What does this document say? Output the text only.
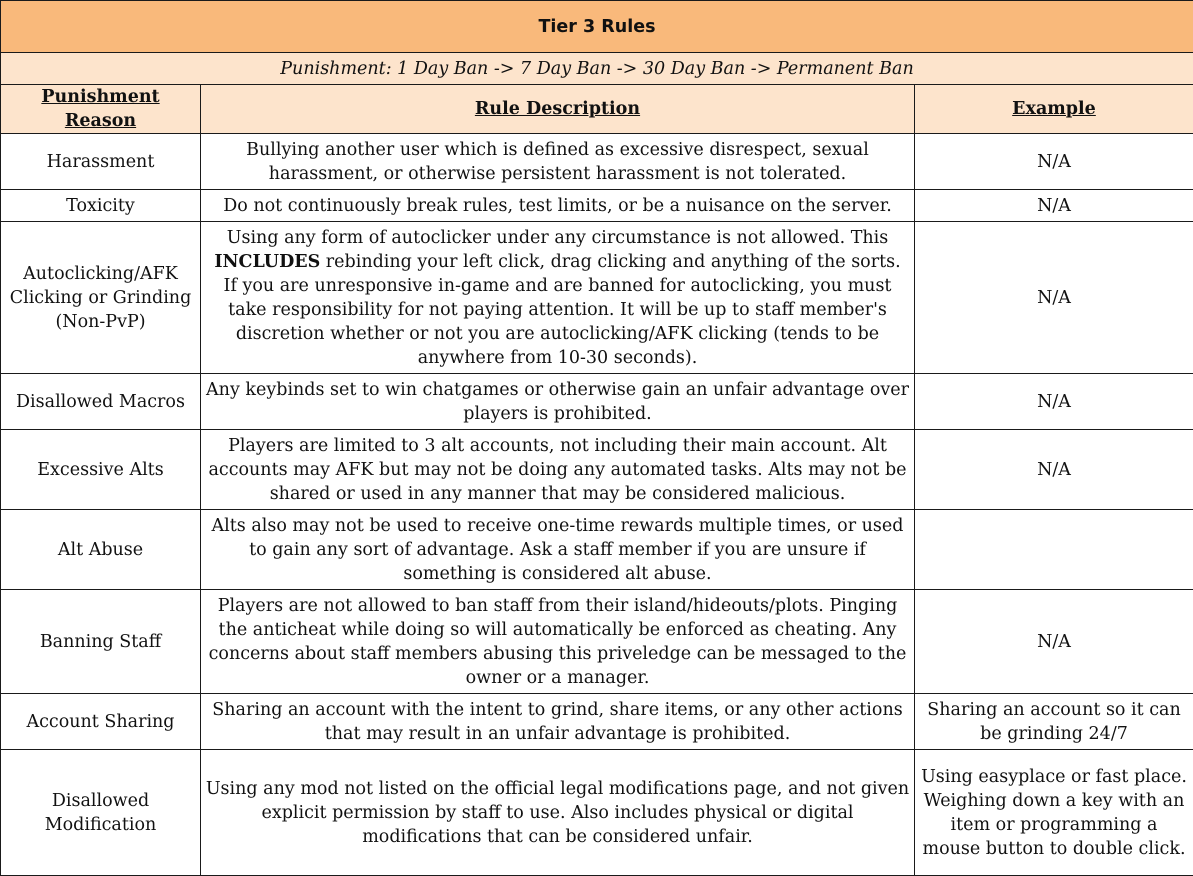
Tier 3 Rules		
Punishment: 1 Day Ban -> 7 Day Ban -> 30 Day Ban -> Permanent Ban		
Punishment Reason	Rule Description	Example
Harassment	Bullying another user which is defined as excessive disrespect, sexual harassment, or otherwise persistent harassment is not tolerated.	N/A
Toxicity	Do not continuously break rules, test limits, or be a nuisance on the server.	N/A
Autoclicking/AFK Clicking or Grinding (Non-PvP)	Using any form of autoclicker under any circumstance is not allowed. This INCLUDES rebinding your left click, drag clicking and anything of the sorts. If you are unresponsive in-game and are banned for autoclicking, you must take responsibility for not paying attention. It will be up to staff member's discretion whether or not you are autoclicking/AFK clicking (tends to be anywhere from 10-30 seconds).	N/A
Disallowed Macros	Any keybinds set to win chatgames or otherwise gain an unfair advantage over players is prohibited.	N/A
Excessive Alts	Players are limited to 3 alt accounts, not including their main account. Alt accounts may AFK but may not be doing any automated tasks. Alts may not be shared or used in any manner that may be considered malicious.	N/A
Alt Abuse	Alts also may not be used to receive one-time rewards multiple times, or used to gain any sort of advantage. Ask a staff member if you are unsure if something is considered alt abuse.	
Banning Staff	Players are not allowed to ban staff from their island/hideouts/plots. Pinging the anticheat while doing so will automatically be enforced as cheating. Any concerns about staff members abusing this priveledge can be messaged to the owner or a manager.	N/A
Account Sharing	Sharing an account with the intent to grind, share items, or any other actions that may result in an unfair advantage is prohibited.	Sharing an account so it can be grinding 24/7
Disallowed Modification	Using any mod not listed on the official legal modifications page, and not given explicit permission by staff to use. Also includes physical or digital modifications that can be considered unfair.	Using easyplace or fast place. Weighing down a key with an item or programming a mouse button to double click.
